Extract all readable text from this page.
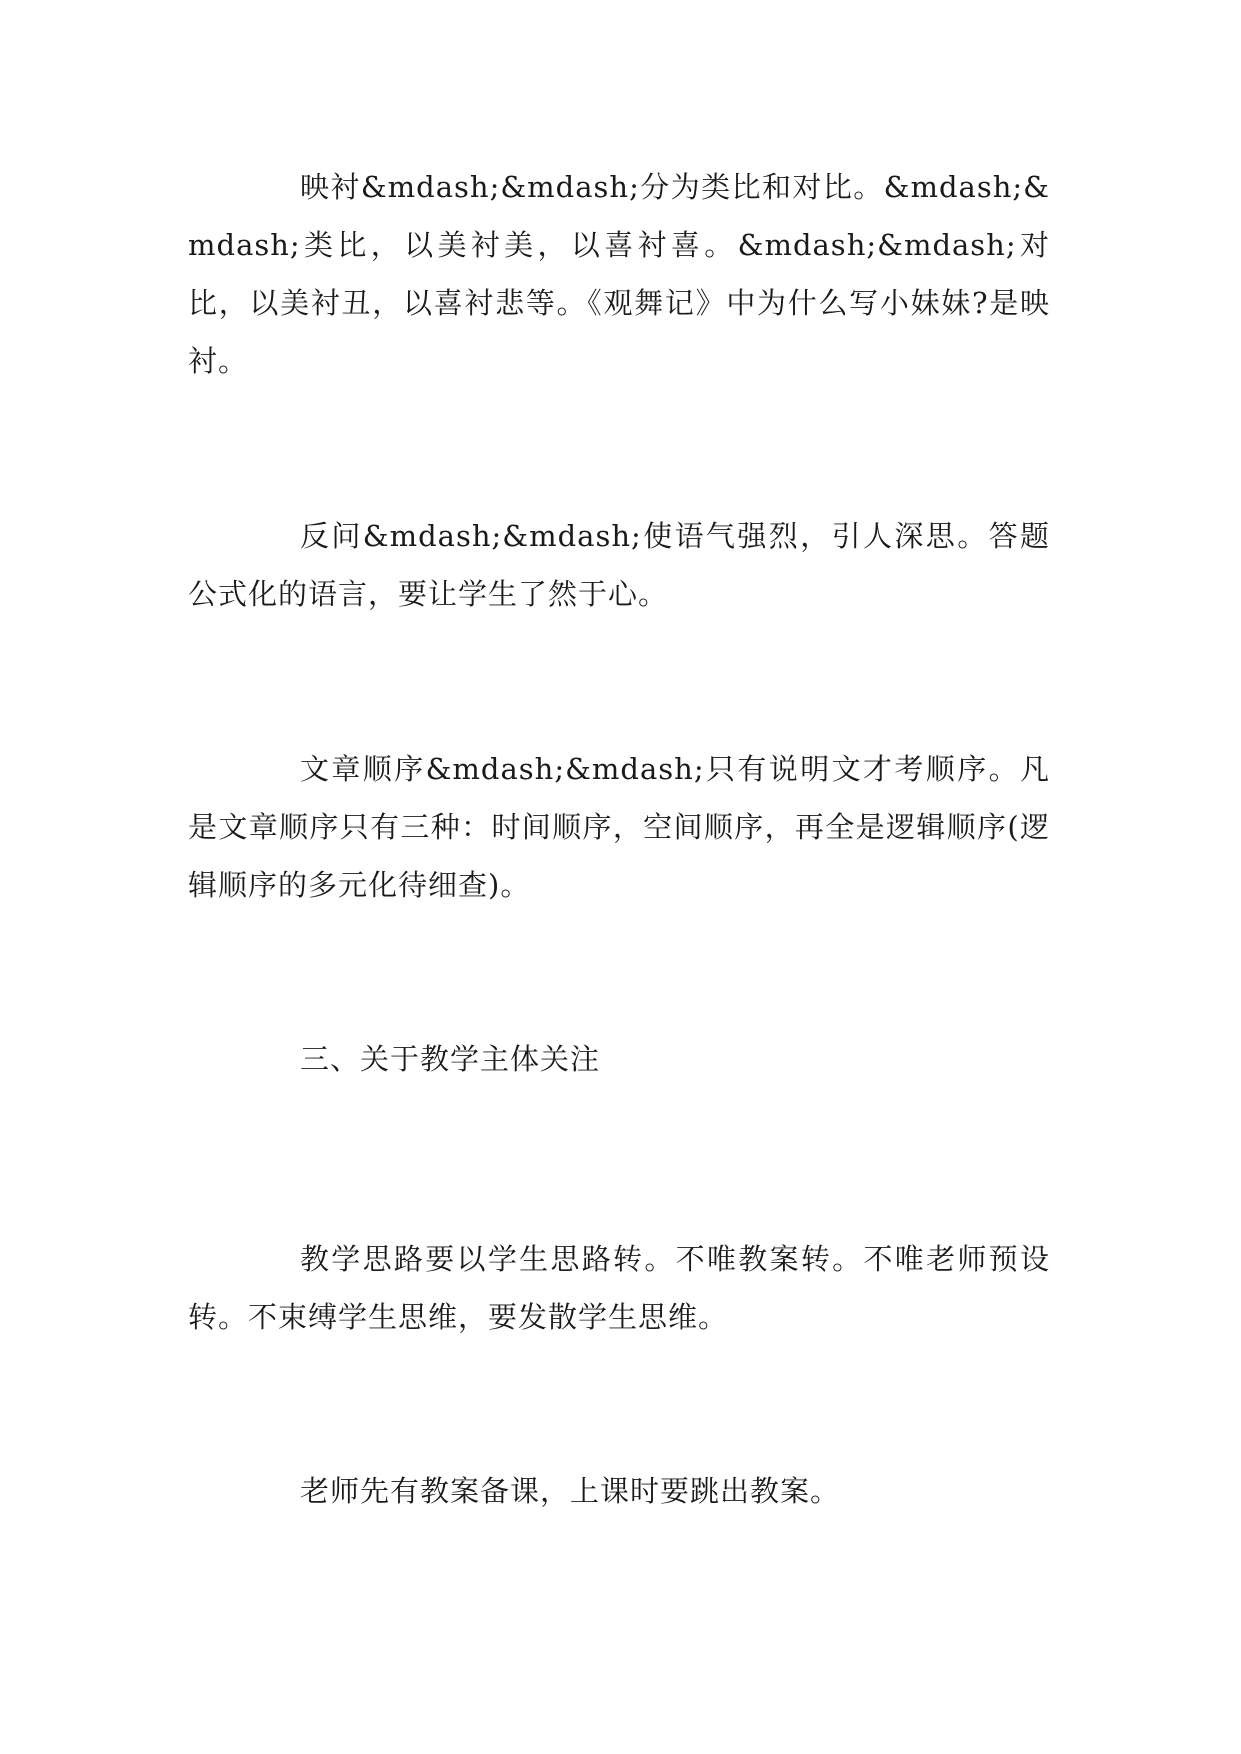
映衬&mdash;&mdash;分为类比和对比。&mdash;&mdash;类比，以美衬美，以喜衬喜。&mdash;&mdash;对比，以美衬丑，以喜衬悲等。《观舞记》中为什么写小妹妹?是映衬。

反问&mdash;&mdash;使语气强烈，引人深思。答题公式化的语言，要让学生了然于心。

文章顺序&mdash;&mdash;只有说明文才考顺序。凡是文章顺序只有三种：时间顺序，空间顺序，再全是逻辑顺序(逻辑顺序的多元化待细查)。

三、关于教学主体关注

教学思路要以学生思路转。不唯教案转。不唯老师预设转。不束缚学生思维，要发散学生思维。

老师先有教案备课，上课时要跳出教案。
